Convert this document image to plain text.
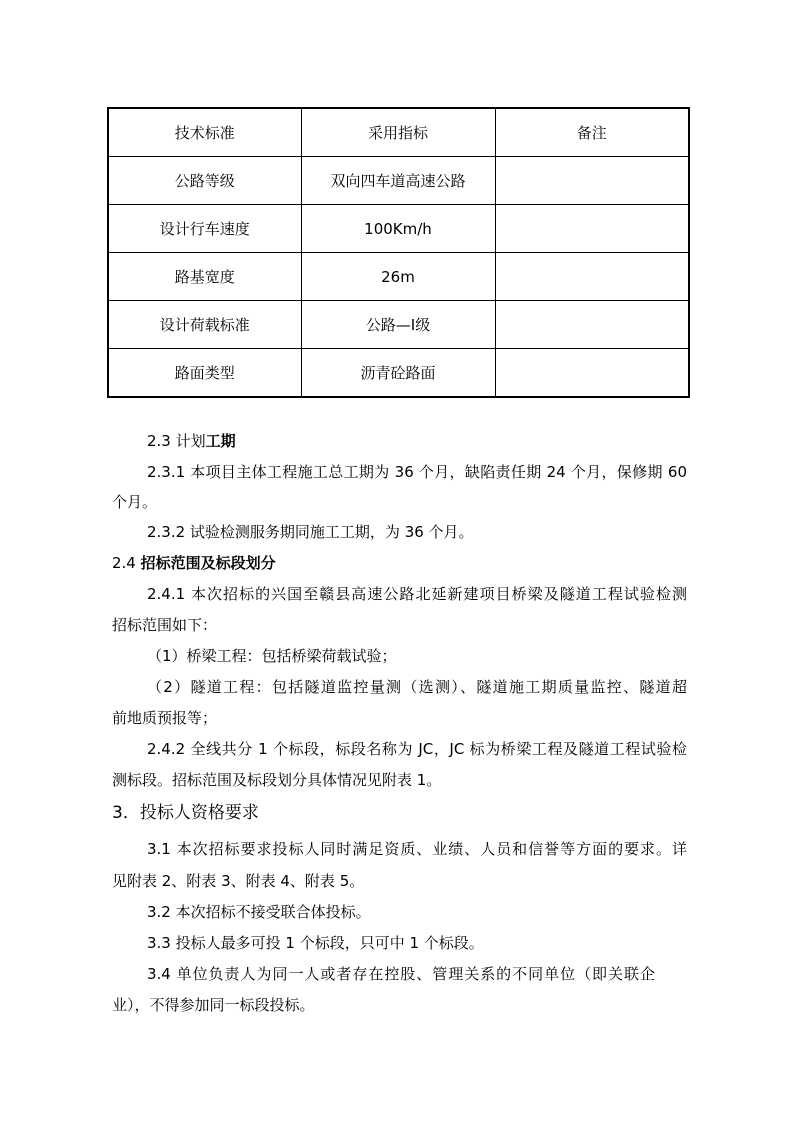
技术标准	采用指标	备注
公路等级	双向四车道高速公路	
设计行车速度	100Km/h	
路基宽度	26m	
设计荷载标准	公路—Ⅰ级	
路面类型	沥青砼路面	

2.3 计划工期

2.3.1 本项目主体工程施工总工期为 36 个月，缺陷责任期 24 个月，保修期 60

个月。

2.3.2 试验检测服务期同施工工期，为 36 个月。

2.4 招标范围及标段划分

2.4.1 本次招标的兴国至赣县高速公路北延新建项目桥梁及隧道工程试验检测

招标范围如下：

（1）桥梁工程：包括桥梁荷载试验；

（2）隧道工程：包括隧道监控量测（选测）、隧道施工期质量监控、隧道超

前地质预报等；

2.4.2 全线共分 1 个标段，标段名称为 JC，JC 标为桥梁工程及隧道工程试验检

测标段。招标范围及标段划分具体情况见附表 1。

3．投标人资格要求

3.1 本次招标要求投标人同时满足资质、业绩、人员和信誉等方面的要求。详

见附表 2、附表 3、附表 4、附表 5。

3.2 本次招标不接受联合体投标。

3.3 投标人最多可投 1 个标段，只可中 1 个标段。

3.4 单位负责人为同一人或者存在控股、管理关系的不同单位（即关联企

业），不得参加同一标段投标。
